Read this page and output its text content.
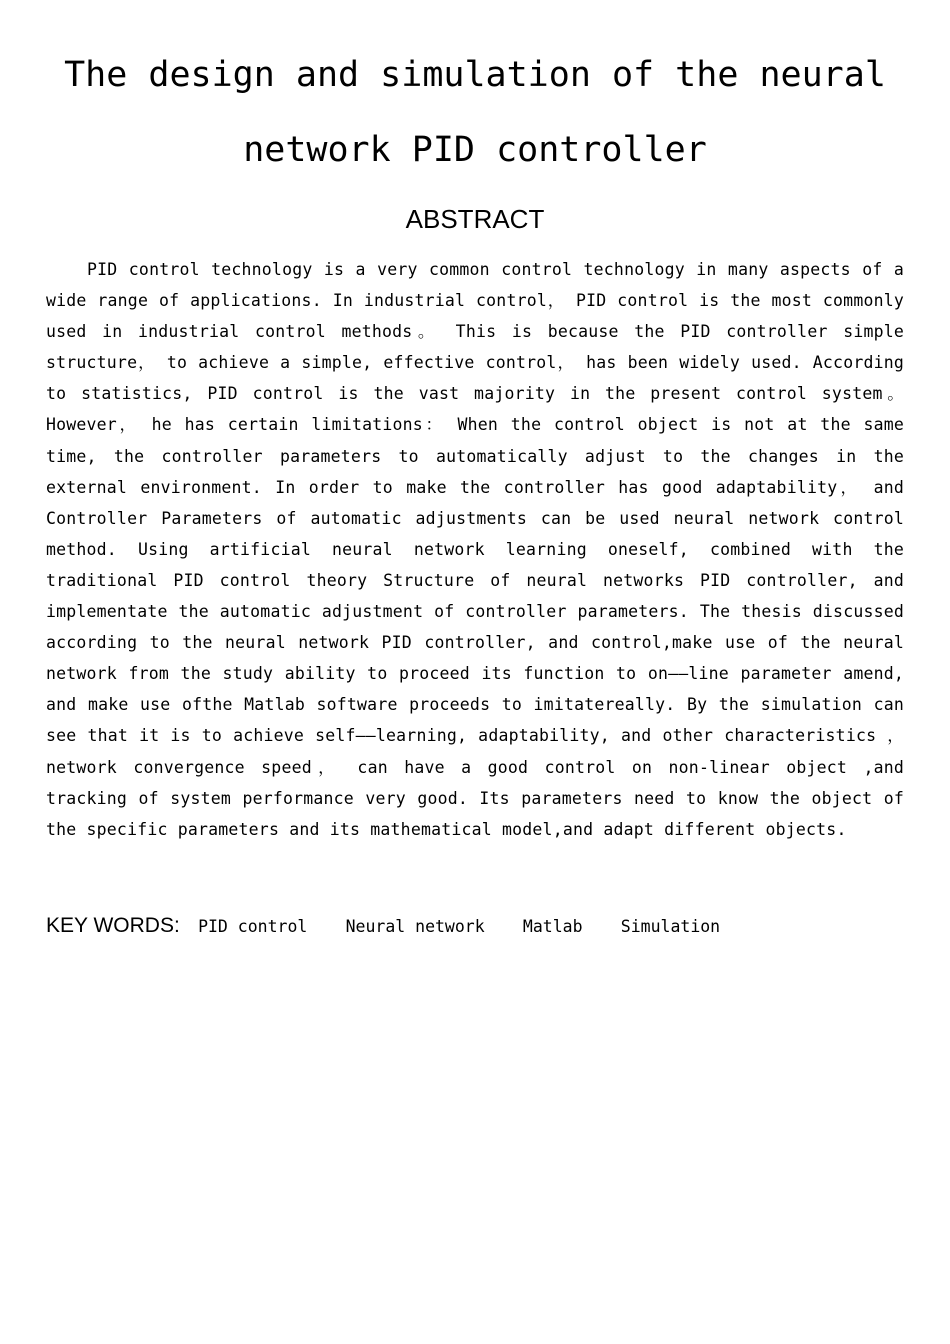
The design and simulation of the neural
network PID controller
ABSTRACT

PID control technology is a very common control technology in many aspects of a wide range of applications. In industrial control， PID control is the most commonly used in industrial control methods。 This is because the PID controller simple structure， to achieve a simple, effective control， has been widely used. According to statistics, PID control is the vast majority in the present control system。 However， he has certain limitations： When the control object is not at the same time, the controller parameters to automatically adjust to the changes in the external environment. In order to make the controller has good adaptability， and Controller Parameters of automatic adjustments can be used neural network control method. Using artificial neural network learning oneself, combined with the traditional PID control theory Structure of neural networks PID controller, and implementate the automatic adjustment of controller parameters. The thesis discussed according to the neural network PID controller, and control,make use of the neural network from the study ability to proceed its function to on——line parameter amend, and make use ofthe Matlab software proceeds to imitatereally. By the simulation can see that it is to achieve self——learning, adaptability, and other characteristics ，network convergence speed， can have a good control on non-linear object ,and tracking of system performance very good. Its parameters need to know the object of the specific parameters and its mathematical model,and adapt different objects.

KEY WORDS: PID control Neural network Matlab Simulation
